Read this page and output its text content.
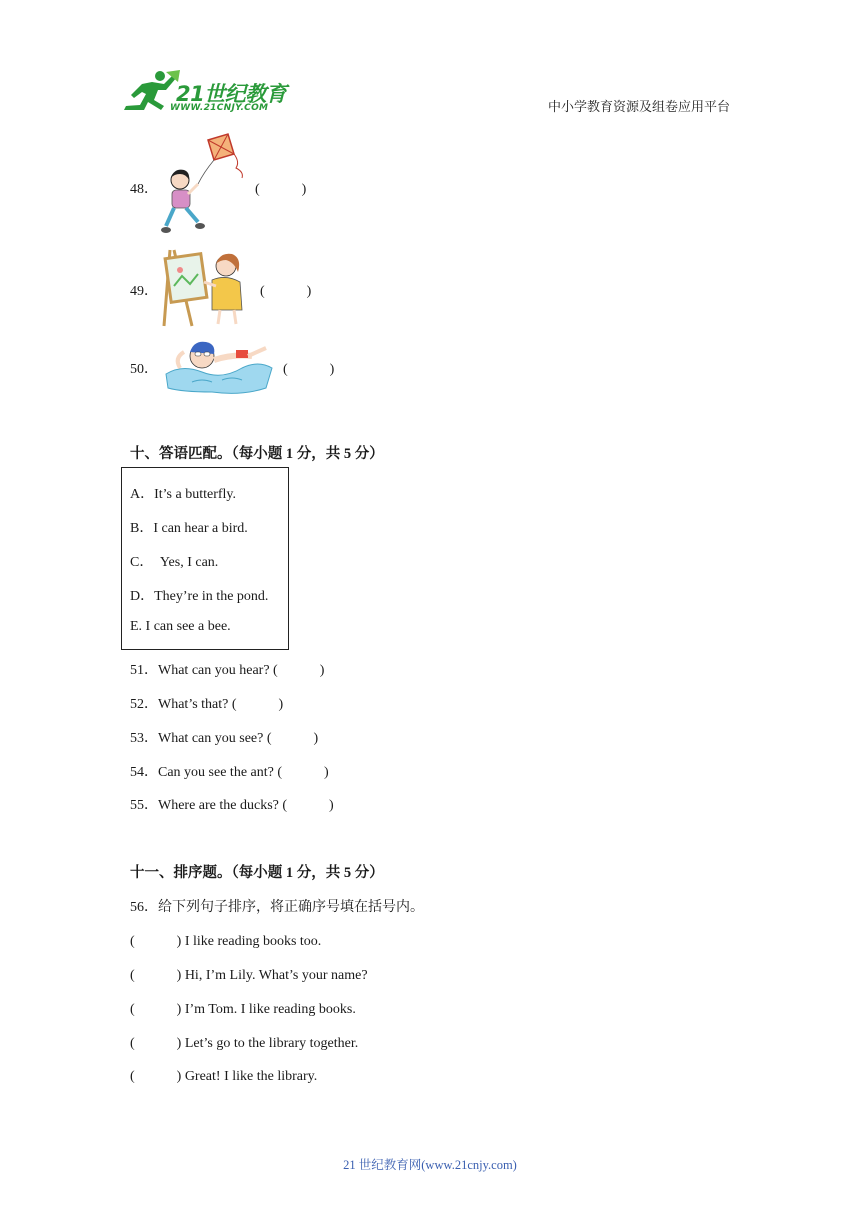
21世纪教育
WWW.21CNJY.COM	中小学教育资源及组卷应用平台
48．	(　　　)
49．	(　　　)
50．	(　　　)
十、答语匹配。（每小题 1 分，共 5 分）
A．It’s a butterfly.
B．I can hear a bird.
C．  Yes, I can.
D．They’re in the pond.
E. I can see a bee.
51．What can you hear? (　　　)
52．What’s that? (　　　)
53．What can you see? (　　　)
54．Can you see the ant? (　　　)
55．Where are the ducks? (　　　)
十一、排序题。（每小题 1 分，共 5 分）
56．给下列句子排序，将正确序号填在括号内。
(　　　) I like reading books too.
(　　　) Hi, I’m Lily. What’s your name?
(　　　) I’m Tom. I like reading books.
(　　　) Let’s go to the library together.
(　　　) Great! I like the library.
21 世纪教育网(www.21cnjy.com)
